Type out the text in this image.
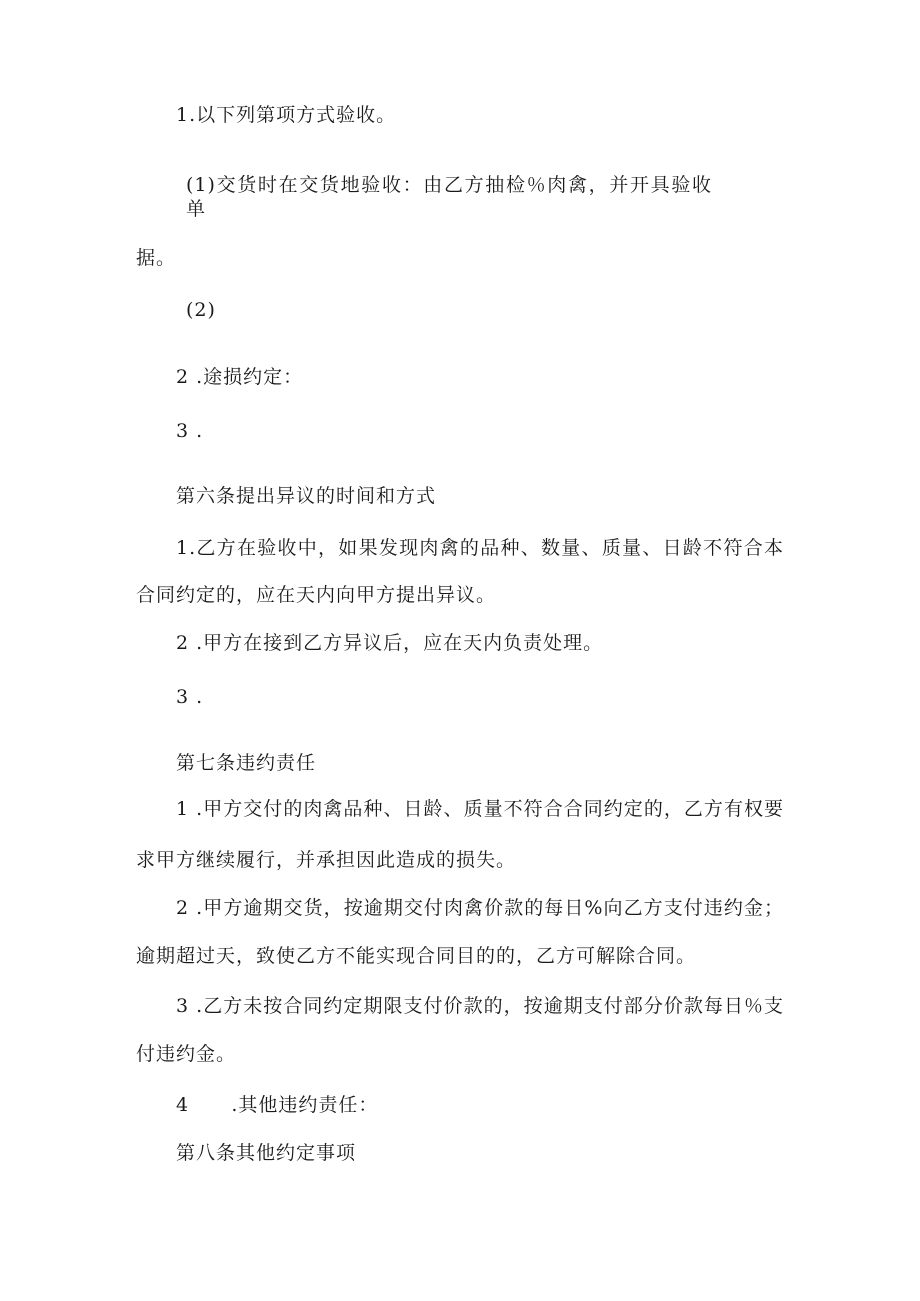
1.以下列第项方式验收。
(1)交货时在交货地验收：由乙方抽检％肉禽，并开具验收单
据。
(2)
2 .途损约定：
3 .
第六条提出异议的时间和方式
1.乙方在验收中，如果发现肉禽的品种、数量、质量、日龄不符合本
合同约定的，应在天内向甲方提出异议。
2 .甲方在接到乙方异议后，应在天内负责处理。
3 .
第七条违约责任
1 .甲方交付的肉禽品种、日龄、质量不符合合同约定的，乙方有权要
求甲方继续履行，并承担因此造成的损失。
2 .甲方逾期交货，按逾期交付肉禽价款的每日%向乙方支付违约金；
逾期超过天，致使乙方不能实现合同目的的，乙方可解除合同。
3 .乙方未按合同约定期限支付价款的，按逾期支付部分价款每日％支
付违约金。
4      .其他违约责任：
第八条其他约定事项
